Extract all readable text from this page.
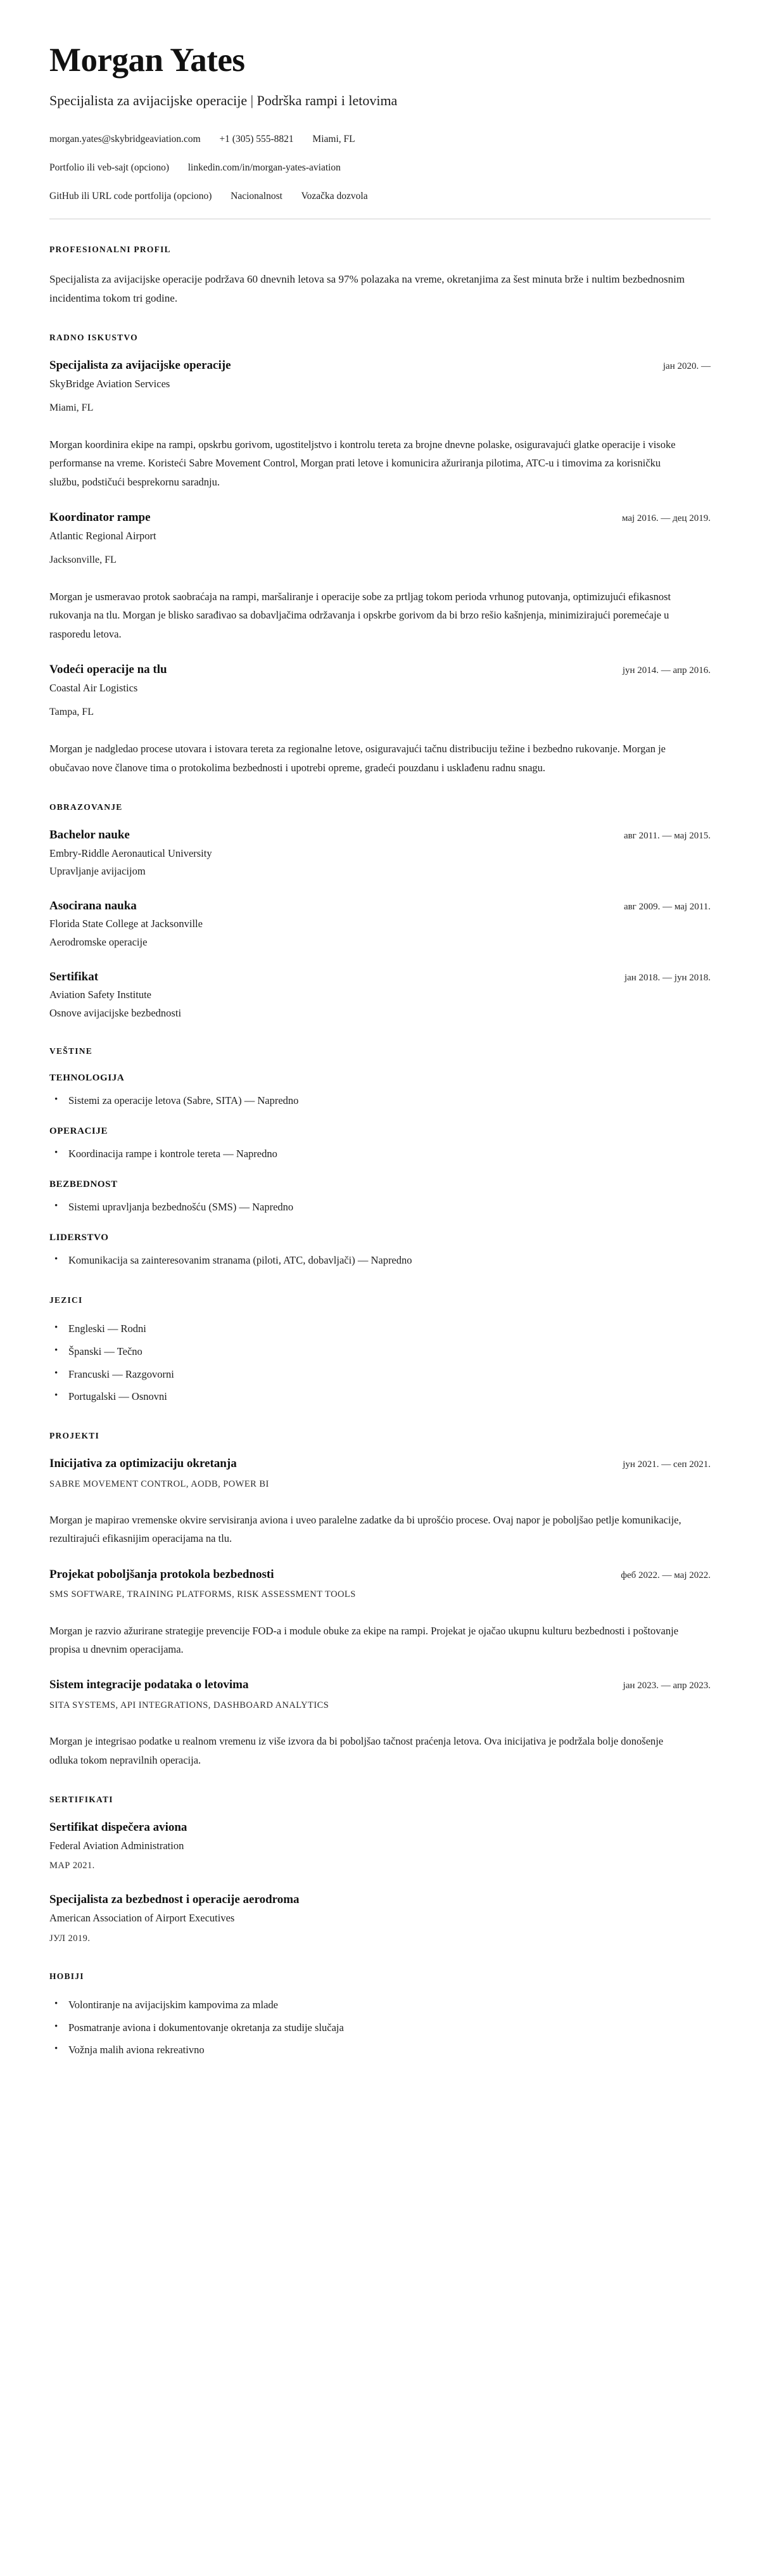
Morgan Yates

Specijalista za avijacijske operacije | Podrška rampi i letovima

morgan.yates@skybridgeaviation.com +1 (305) 555-8821 Miami, FL

Portfolio ili veb-sajt (opciono) linkedin.com/in/morgan-yates-aviation

GitHub ili URL code portfolija (opciono) Nacionalnost Vozačka dozvola

PROFESIONALNI PROFIL

Specijalista za avijacijske operacije podržava 60 dnevnih letova sa 97% polazaka na vreme, okretanjima za šest minuta brže i nultim bezbednosnim incidentima tokom tri godine.

RADNO ISKUSTVO
Specijalista za avijacijske operacije	јан 2020. —

SkyBridge Aviation Services

Miami, FL

Morgan koordinira ekipe na rampi, opskrbu gorivom, ugostiteljstvo i kontrolu tereta za brojne dnevne polaske, osiguravajući glatke operacije i visoke performanse na vreme. Koristeći Sabre Movement Control, Morgan prati letove i komunicira ažuriranja pilotima, ATC-u i timovima za korisničku službu, podstičući besprekornu saradnju.

Koordinator rampe	мај 2016. — дец 2019.

Atlantic Regional Airport

Jacksonville, FL

Morgan je usmeravao protok saobraćaja na rampi, maršaliranje i operacije sobe za prtljag tokom perioda vrhunog putovanja, optimizujući efikasnost rukovanja na tlu. Morgan je blisko sarađivao sa dobavljačima održavanja i opskrbe gorivom da bi brzo rešio kašnjenja, minimizirajući poremećaje u rasporedu letova.

Vodeći operacije na tlu	јун 2014. — апр 2016.

Coastal Air Logistics

Tampa, FL

Morgan je nadgledao procese utovara i istovara tereta za regionalne letove, osiguravajući tačnu distribuciju težine i bezbedno rukovanje. Morgan je obučavao nove članove tima o protokolima bezbednosti i upotrebi opreme, gradeći pouzdanu i usklađenu radnu snagu.

OBRAZOVANJE
Bachelor nauke	авг 2011. — мај 2015.

Embry-Riddle Aeronautical University

Upravljanje avijacijom

Asocirana nauka	авг 2009. — мај 2011.

Florida State College at Jacksonville

Aerodromske operacije

Sertifikat	јан 2018. — јун 2018.

Aviation Safety Institute

Osnove avijacijske bezbednosti

VEŠTINE
TEHNOLOGIJA
• Sistemi za operacije letova (Sabre, SITA) — Napredno
OPERACIJE
• Koordinacija rampe i kontrole tereta — Napredno
BEZBEDNOST
• Sistemi upravljanja bezbednošću (SMS) — Napredno
LIDERSTVO
• Komunikacija sa zainteresovanim stranama (piloti, ATC, dobavljači) — Napredno
JEZICI
• Engleski — Rodni
• Španski — Tečno
• Francuski — Razgovorni
• Portugalski — Osnovni
PROJEKTI
Inicijativa za optimizaciju okretanja	јун 2021. — сеп 2021.

SABRE MOVEMENT CONTROL, AODB, POWER BI

Morgan je mapirao vremenske okvire servisiranja aviona i uveo paralelne zadatke da bi uprošćio procese. Ovaj napor je poboljšao petlje komunikacije, rezultirajući efikasnijim operacijama na tlu.

Projekat poboljšanja protokola bezbednosti	феб 2022. — мај 2022.

SMS SOFTWARE, TRAINING PLATFORMS, RISK ASSESSMENT TOOLS

Morgan je razvio ažurirane strategije prevencije FOD-a i module obuke za ekipe na rampi. Projekat je ojačao ukupnu kulturu bezbednosti i poštovanje propisa u dnevnim operacijama.

Sistem integracije podataka o letovima	јан 2023. — апр 2023.

SITA SYSTEMS, API INTEGRATIONS, DASHBOARD ANALYTICS

Morgan je integrisao podatke u realnom vremenu iz više izvora da bi poboljšao tačnost praćenja letova. Ova inicijativa je podržala bolje donošenje odluka tokom nepravilnih operacija.

SERTIFIKATI
Sertifikat dispečera aviona

Federal Aviation Administration

МАР 2021.

Specijalista za bezbednost i operacije aerodroma

American Association of Airport Executives

ЈУЛ 2019.

HOBIJI
• Volontiranje na avijacijskim kampovima za mlade
• Posmatranje aviona i dokumentovanje okretanja za studije slučaja
• Vožnja malih aviona rekreativno
